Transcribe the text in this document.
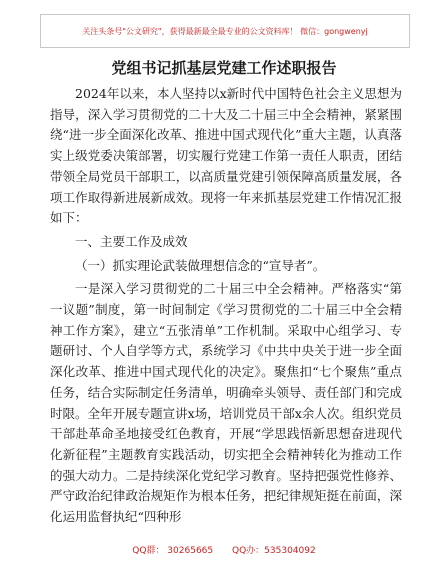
关注头条号"公文研究"，获得最新最全最专业的公文资料库！ 微信：gongwenyj
党组书记抓基层党建工作述职报告

2024年以来，本人坚持以x新时代中国特色社会主义思想为指导，深入学习贯彻党的二十大及二十届三中全会精神，紧紧围绕“进一步全面深化改革、推进中国式现代化”重大主题，认真落实上级党委决策部署，切实履行党建工作第一责任人职责，团结带领全局党员干部职工，以高质量党建引领保障高质量发展，各项工作取得新进展新成效。现将一年来抓基层党建工作情况汇报如下：

一、主要工作及成效

（一）抓实理论武装做理想信念的“宣导者”。

一是深入学习贯彻党的二十届三中全会精神。严格落实“第一议题”制度，第一时间制定《学习贯彻党的二十届三中全会精神工作方案》，建立“五张清单”工作机制。采取中心组学习、专题研讨、个人自学等方式，系统学习《中共中央关于进一步全面深化改革、推进中国式现代化的决定》。聚焦扣“七个聚焦”重点任务，结合实际制定任务清单，明确牵头领导、责任部门和完成时限。全年开展专题宣讲x场，培训党员干部x余人次。组织党员干部赴革命圣地接受红色教育，开展“学思践悟新思想奋进现代化新征程”主题教育实践活动，切实把全会精神转化为推动工作的强大动力。二是持续深化党纪学习教育。坚持把强党性修养、严守政治纪律政治规矩作为根本任务，把纪律规矩挺在前面，深化运用监督执纪“四种形

QQ群： 30265665 QQ办：535304092
